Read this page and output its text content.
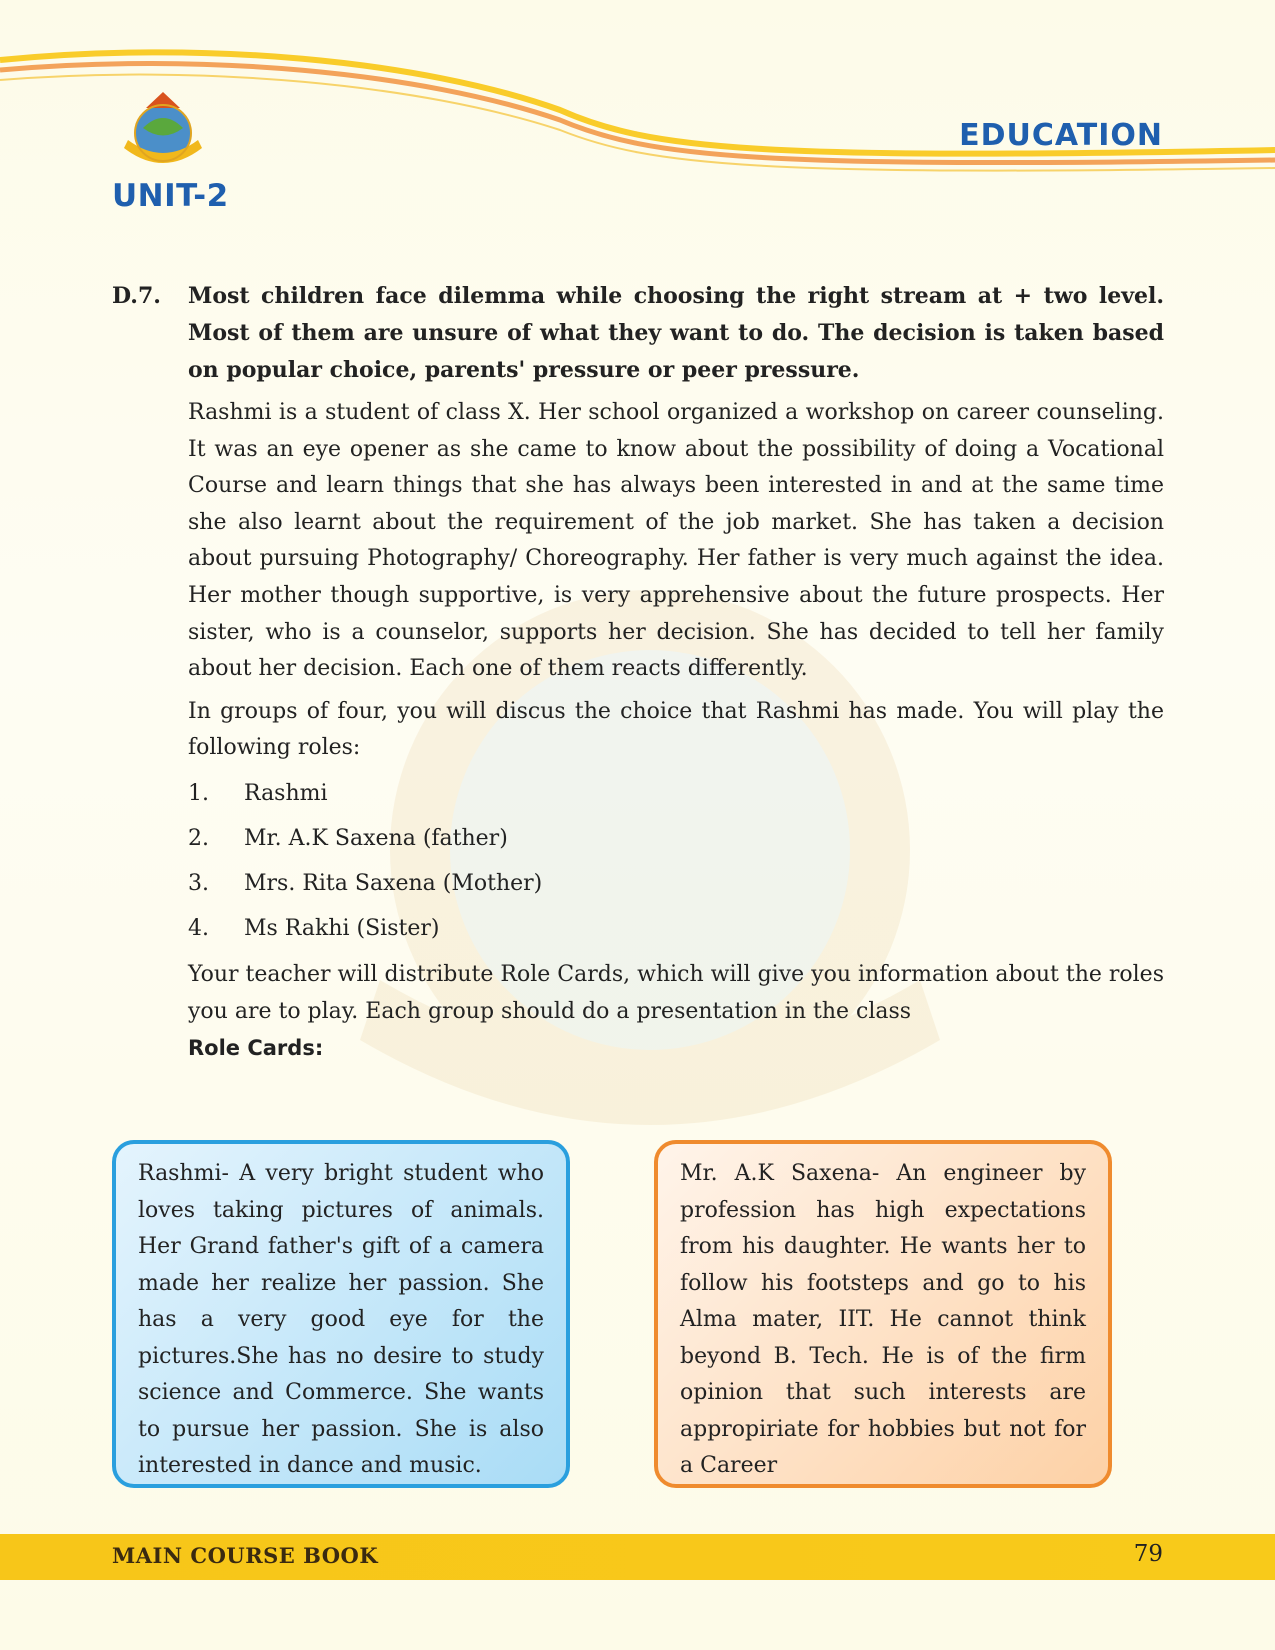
UNIT-2
EDUCATION
D.7.	Most children face dilemma while choosing the right stream at + two level. Most of them are unsure of what they want to do. The decision is taken based on popular choice, parents' pressure or peer pressure.

Rashmi is a student of class X. Her school organized a workshop on career counseling. It was an eye opener as she came to know about the possibility of doing a Vocational Course and learn things that she has always been interested in and at the same time she also learnt about the requirement of the job market. She has taken a decision about pursuing Photography/ Choreography. Her father is very much against the idea. Her mother though supportive, is very apprehensive about the future prospects. Her sister, who is a counselor, supports her decision. She has decided to tell her family about her decision. Each one of them reacts differently.

In groups of four, you will discus the choice that Rashmi has made. You will play the following roles:

1.	Rashmi
2.	Mr. A.K Saxena (father)
3.	Mrs. Rita Saxena (Mother)
4.	Ms Rakhi (Sister)

Your teacher will distribute Role Cards, which will give you information about the roles you are to play. Each group should do a presentation in the class

Role Cards:

Rashmi- A very bright student who loves taking pictures of animals. Her Grand father's gift of a camera made her realize her passion. She has a very good eye for the pictures.She has no desire to study science and Commerce. She wants to pursue her passion. She is also interested in dance and music.

Mr. A.K Saxena- An engineer by profession has high expectations from his daughter. He wants her to follow his footsteps and go to his Alma mater, IIT. He cannot think beyond B. Tech. He is of the firm opinion that such interests are appropiriate for hobbies but not for a Career

MAIN COURSE BOOK	79
